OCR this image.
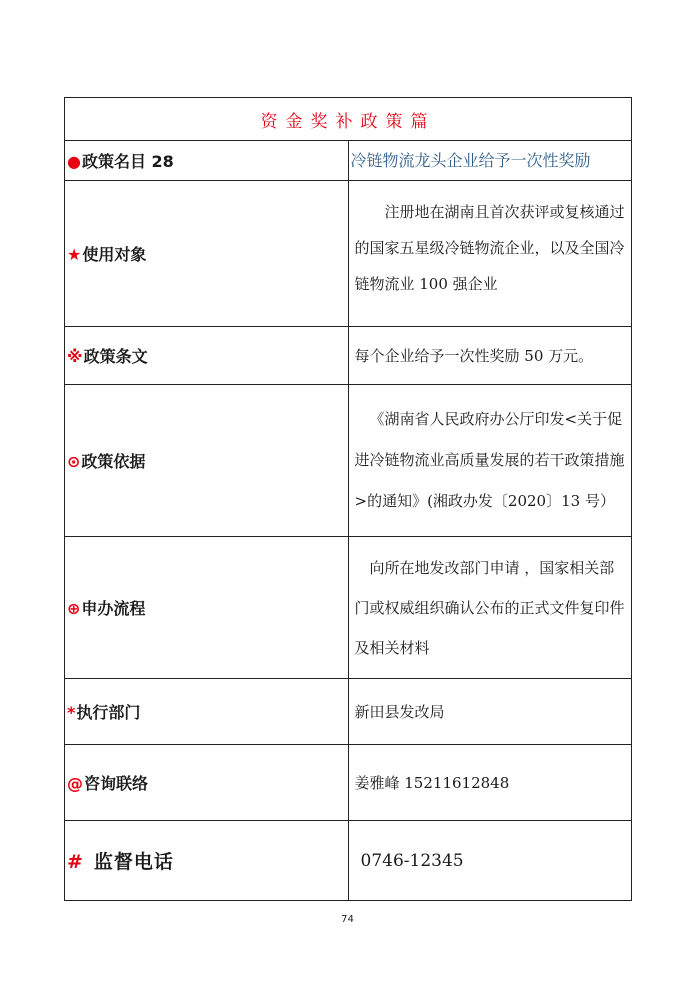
资金奖补政策篇	
●政策名目 28	冷链物流龙头企业给予一次性奖励
★使用对象	注册地在湖南且首次获评或复核通过的国家五星级冷链物流企业，以及全国冷链物流业 100 强企业
※政策条文	每个企业给予一次性奖励 50 万元。
⊙政策依据	《湖南省人民政府办公厅印发<关于促进冷链物流业高质量发展的若干政策措施>的通知》(湘政办发〔2020〕13 号）
⊕申办流程	向所在地发改部门申请 ，国家相关部门或权威组织确认公布的正式文件复印件及相关材料
*执行部门	新田县发改局
@咨询联络	姜雅峰 15211612848
# 监督电话	0746-12345
74
